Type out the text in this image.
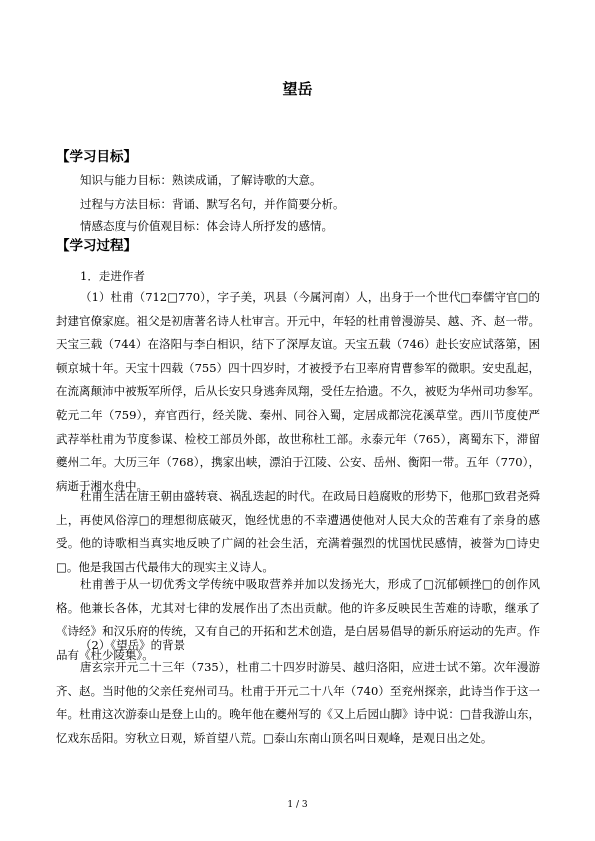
望岳
【学习目标】
知识与能力目标：熟读成诵，了解诗歌的大意。
过程与方法目标：背诵、默写名句，并作简要分析。
情感态度与价值观目标：体会诗人所抒发的感情。
【学习过程】
1．走进作者
（1）杜甫（712□770），字子美，巩县（今属河南）人，出身于一个世代□奉儒守官□的封建官僚家庭。祖父是初唐著名诗人杜审言。开元中，年轻的杜甫曾漫游吴、越、齐、赵一带。天宝三载（744）在洛阳与李白相识，结下了深厚友谊。天宝五载（746）赴长安应试落第，困顿京城十年。天宝十四载（755）四十四岁时，才被授予右卫率府胄曹参军的微职。安史乱起，在流离颠沛中被叛军所俘，后从长安只身逃奔凤翔，受任左拾遗。不久，被贬为华州司功参军。乾元二年（759），弃官西行，经关陇、秦州、同谷入蜀，定居成都浣花溪草堂。西川节度使严武荐举杜甫为节度参谋、检校工部员外郎，故世称杜工部。永泰元年（765），离蜀东下，滞留夔州二年。大历三年（768），携家出峡，漂泊于江陵、公安、岳州、衡阳一带。五年（770），病逝于湘水舟中。
杜甫生活在唐王朝由盛转衰、祸乱迭起的时代。在政局日趋腐败的形势下，他那□致君尧舜上，再使风俗淳□的理想彻底破灭，饱经忧患的不幸遭遇使他对人民大众的苦难有了亲身的感受。他的诗歌相当真实地反映了广阔的社会生活，充满着强烈的忧国忧民感情，被誉为□诗史□。他是我国古代最伟大的现实主义诗人。
杜甫善于从一切优秀文学传统中吸取营养并加以发扬光大，形成了□沉郁顿挫□的创作风格。他兼长各体，尤其对七律的发展作出了杰出贡献。他的许多反映民生苦难的诗歌，继承了《诗经》和汉乐府的传统，又有自己的开拓和艺术创造，是白居易倡导的新乐府运动的先声。作品有《杜少陵集》。
（2）《望岳》的背景
唐玄宗开元二十三年（735），杜甫二十四岁时游吴、越归洛阳，应进士试不第。次年漫游齐、赵。当时他的父亲任兖州司马。杜甫于开元二十八年（740）至兖州探亲，此诗当作于这一年。杜甫这次游泰山是登上山的。晚年他在夔州写的《又上后园山脚》诗中说：□昔我游山东，忆戏东岳阳。穷秋立日观，矫首望八荒。□泰山东南山顶名叫日观峰，是观日出之处。
1 / 3
